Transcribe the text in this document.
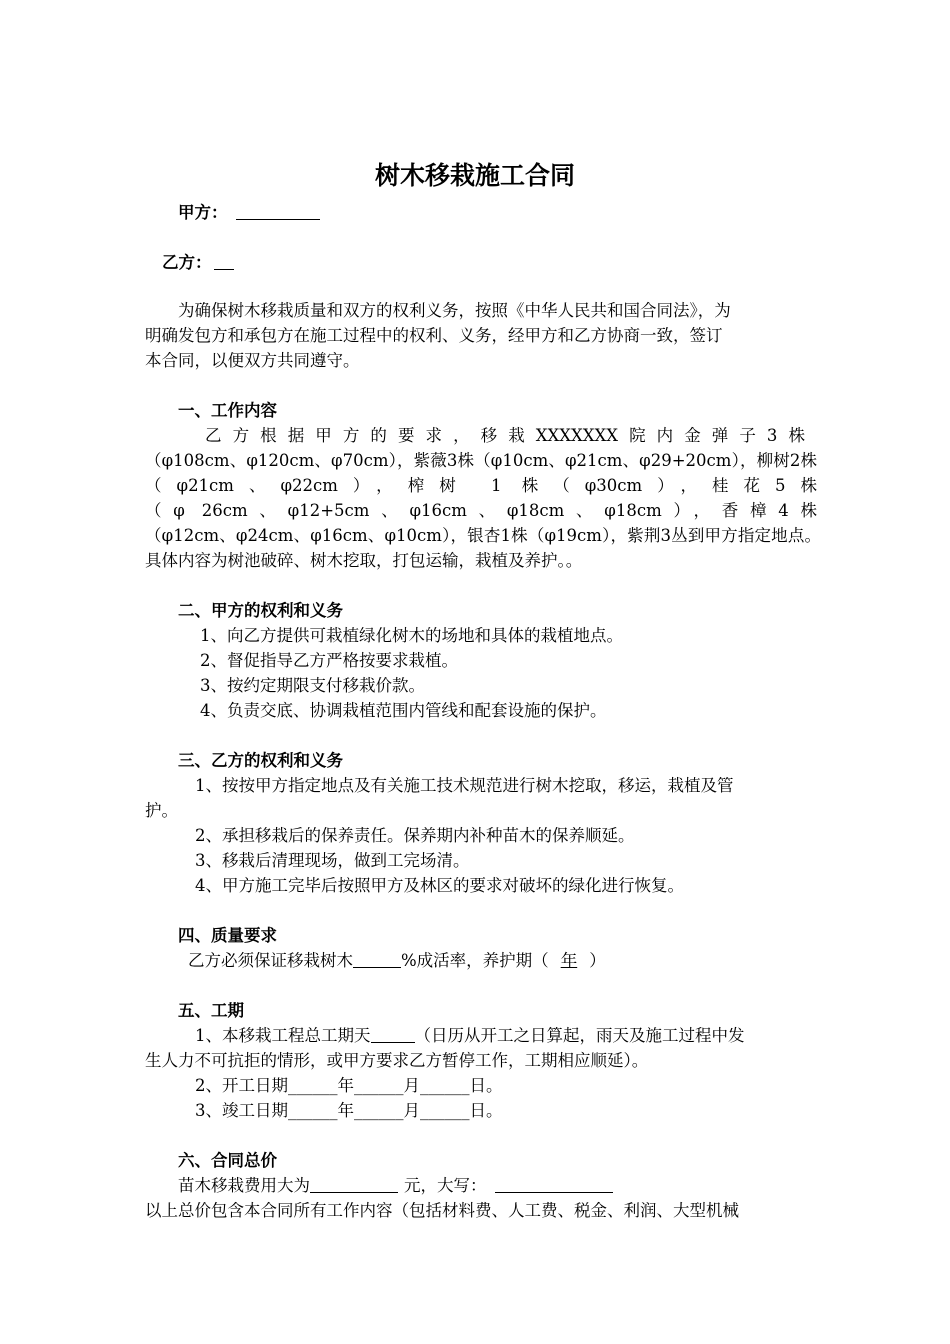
树木移栽施工合同
甲方：
乙方：
为确保树木移栽质量和双方的权利义务，按照《中华人民共和国合同法》，为
明确发包方和承包方在施工过程中的权利、义务，经甲方和乙方协商一致，签订
本合同，以便双方共同遵守。
一、工作内容
乙方根据甲方的要求，移栽XXXXXXX院内金弹子3株
（φ108cm、φ120cm、φ70cm），紫薇3株（φ10cm、φ21cm、φ29+20cm），柳树2株
（φ21cm、φ22cm），榨树 1 株（φ30cm），桂花5株
（φ 26cm、φ12+5cm、φ16cm、φ18cm、φ18cm），香樟4株
（φ12cm、φ24cm、φ16cm、φ10cm），银杏1株（φ19cm），紫荆3丛到甲方指定地点。
具体内容为树池破碎、树木挖取，打包运输，栽植及养护。。
二、甲方的权利和义务
1、向乙方提供可栽植绿化树木的场地和具体的栽植地点。
2、督促指导乙方严格按要求栽植。
3、按约定期限支付移栽价款。
4、负责交底、协调栽植范围内管线和配套设施的保护。
三、乙方的权利和义务
1、按按甲方指定地点及有关施工技术规范进行树木挖取，移运，栽植及管
护。
2、承担移栽后的保养责任。保养期内补种苗木的保养顺延。
3、移栽后清理现场，做到工完场清。
4、甲方施工完毕后按照甲方及林区的要求对破坏的绿化进行恢复。
四、质量要求
乙方必须保证移栽树木	%成活率，养护期（ 年 ）
五、工期
1、本移栽工程总工期天	（日历从开工之日算起，雨天及施工过程中发
生人力不可抗拒的情形，或甲方要求乙方暂停工作，工期相应顺延）。
2、开工日期______年______月______日。
3、竣工日期______年______月______日。
六、合同总价
苗木移栽费用大为	元，大写：
以上总价包含本合同所有工作内容（包括材料费、人工费、税金、利润、大型机械
